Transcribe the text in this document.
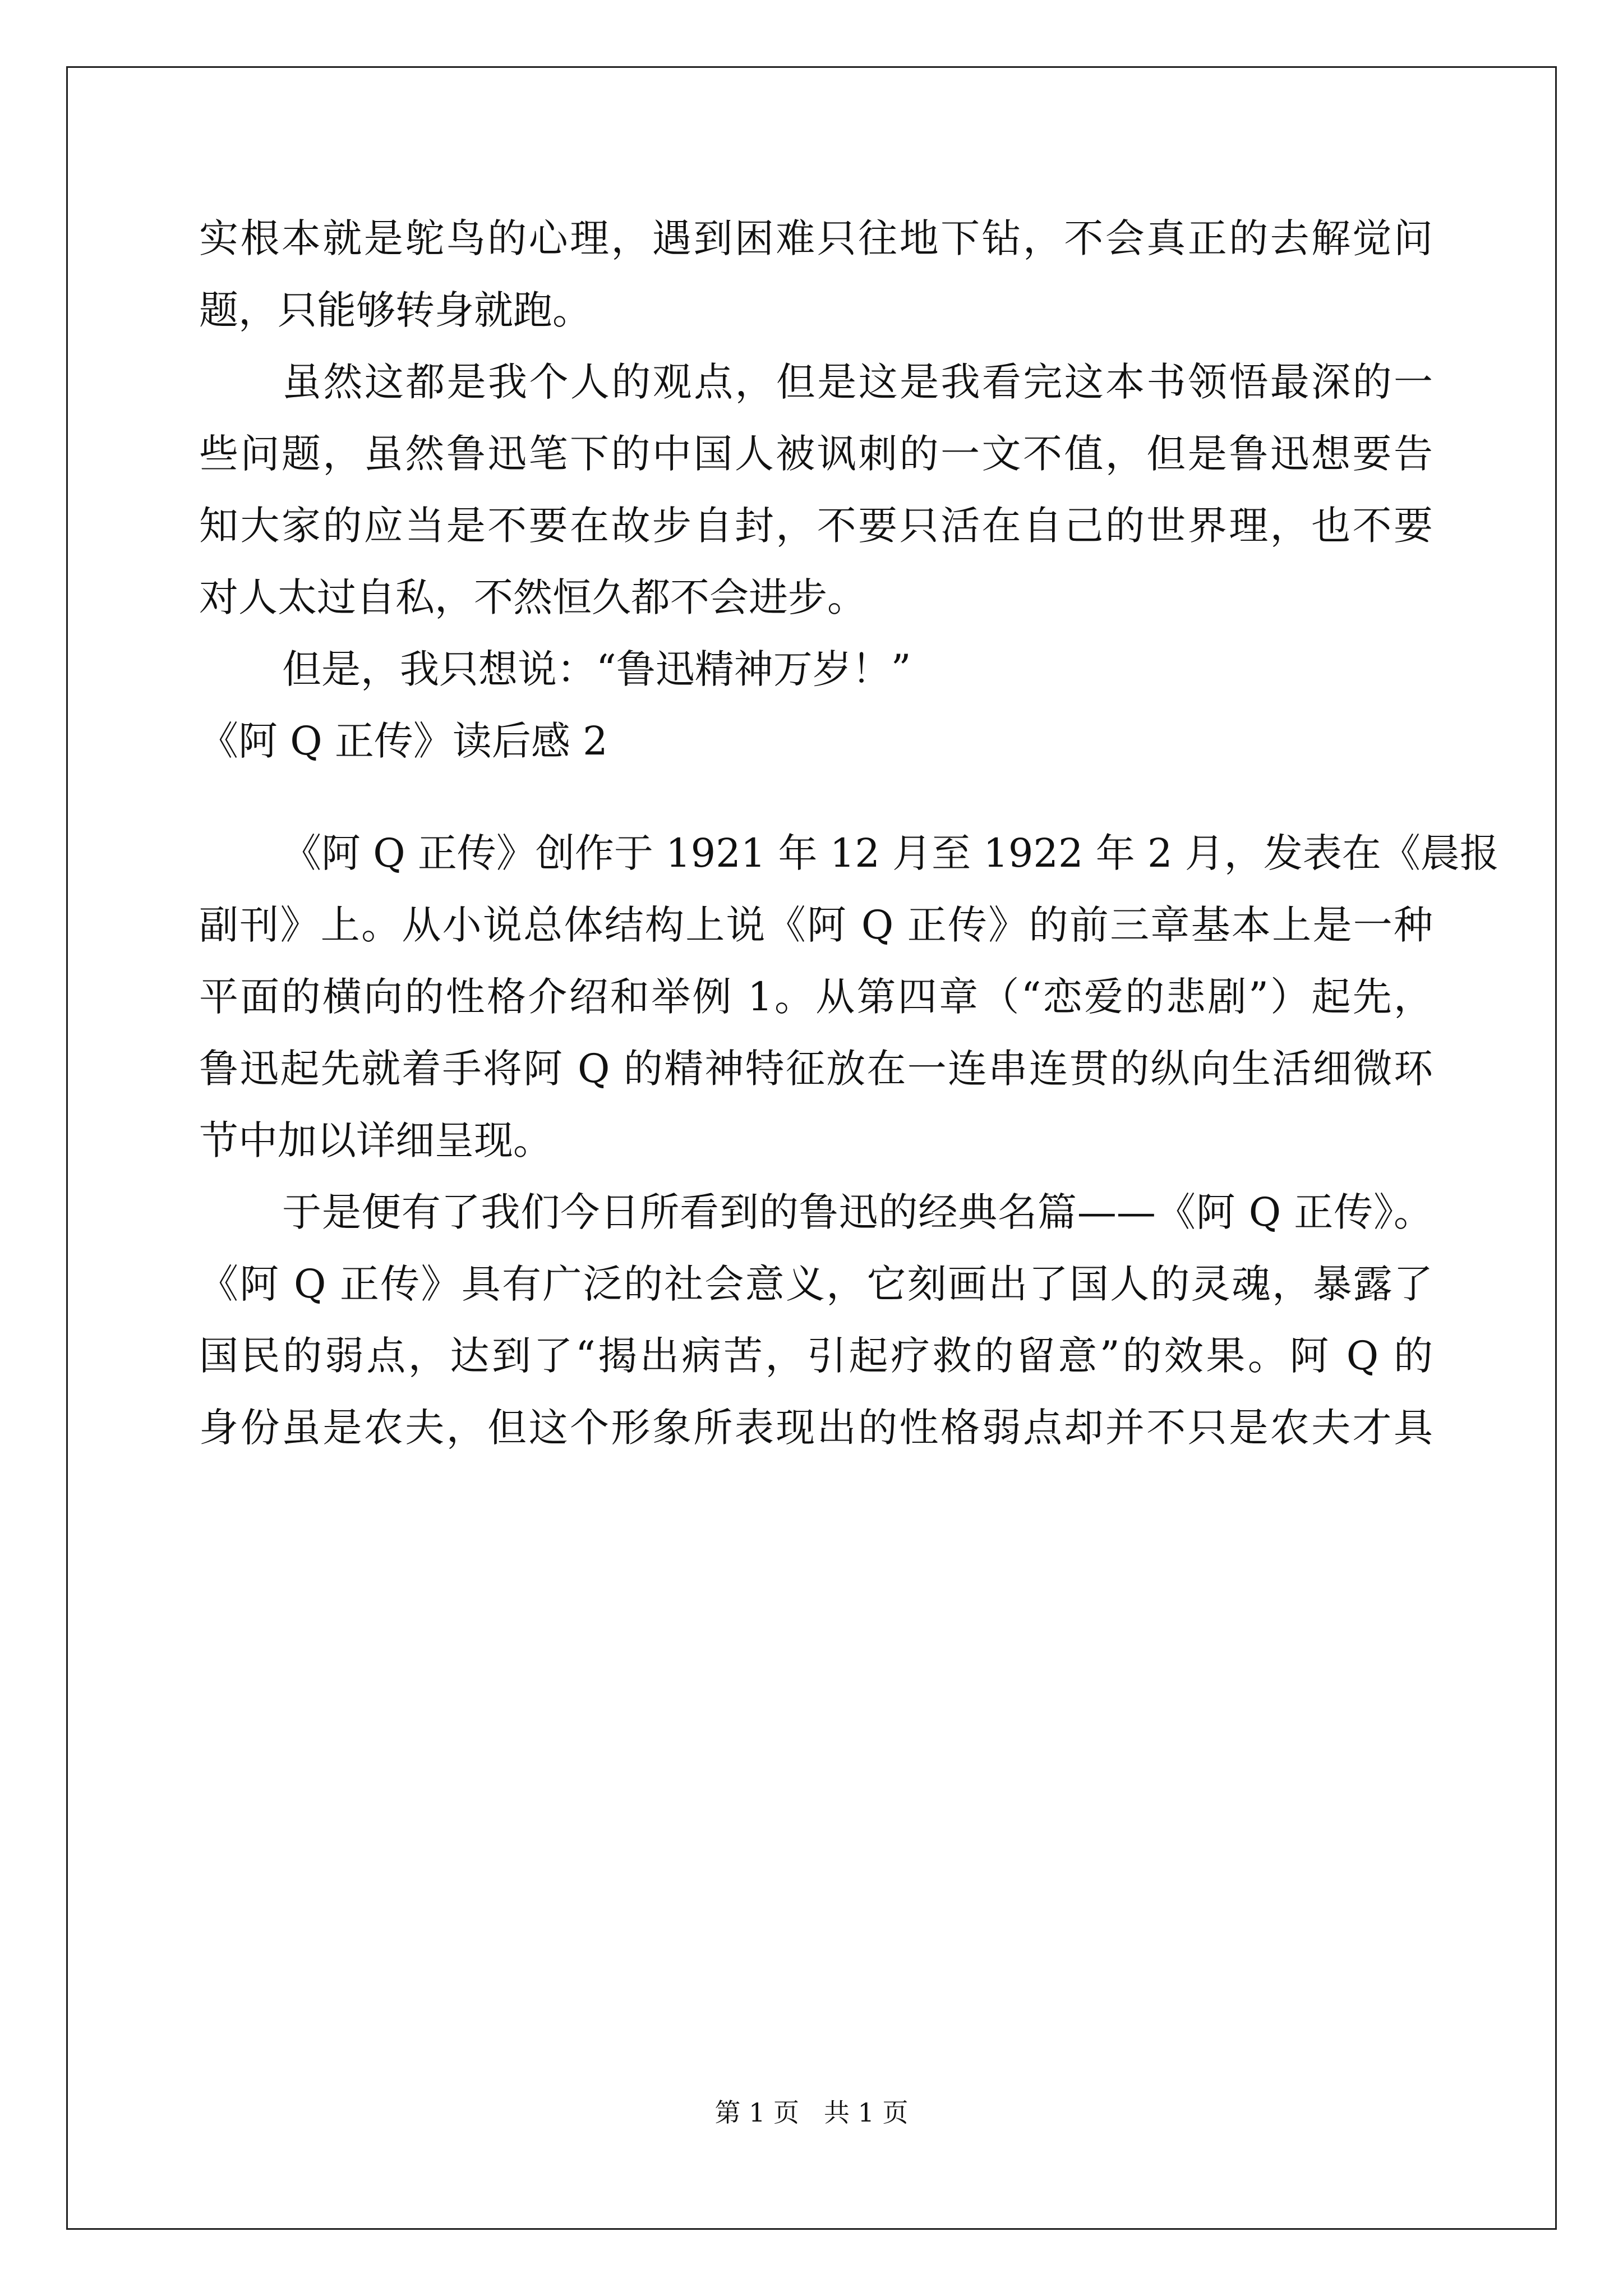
实根本就是鸵鸟的心理，遇到困难只往地下钻，不会真正的去解觉问
题，只能够转身就跑。
虽然这都是我个人的观点，但是这是我看完这本书领悟最深的一
些问题，虽然鲁迅笔下的中国人被讽刺的一文不值，但是鲁迅想要告
知大家的应当是不要在故步自封，不要只活在自己的世界理，也不要
对人太过自私，不然恒久都不会进步。
但是，我只想说：“鲁迅精神万岁！”
《阿 Q 正传》读后感 2
《阿 Q 正传》创作于 1921 年 12 月至 1922 年 2 月，发表在《晨报
副刊》上。从小说总体结构上说《阿 Q 正传》的前三章基本上是一种
平面的横向的性格介绍和举例 1。从第四章（“恋爱的悲剧”）起先，
鲁迅起先就着手将阿 Q 的精神特征放在一连串连贯的纵向生活细微环
节中加以详细呈现。
于是便有了我们今日所看到的鲁迅的经典名篇——《阿 Q 正传》。
《阿 Q 正传》具有广泛的社会意义，它刻画出了国人的灵魂，暴露了
国民的弱点，达到了“揭出病苦，引起疗救的留意”的效果。阿 Q 的
身份虽是农夫，但这个形象所表现出的性格弱点却并不只是农夫才具
第 1 页 共 1 页
